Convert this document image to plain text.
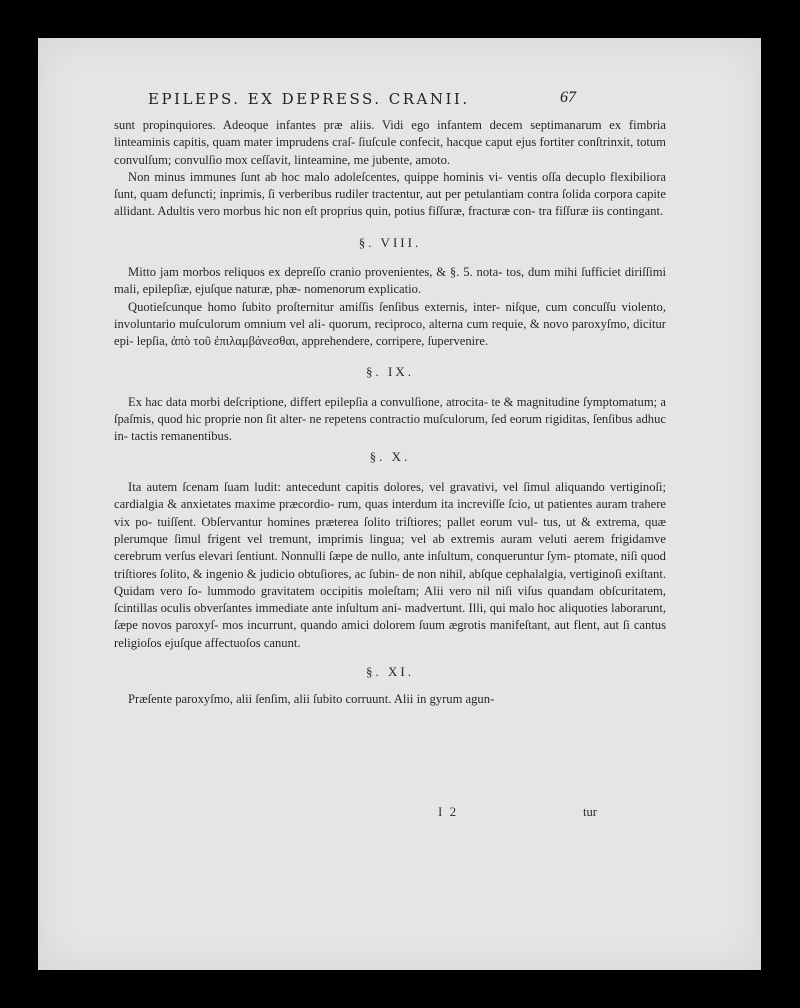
EPILEPS. EX DEPRESS. CRANII.	67

sunt propinquiores. Adeoque infantes præ aliis. Vidi ego infantem decem septimanarum ex fimbria linteaminis capitis, quam mater imprudens craſ- ſiuſcule confecit, hacque caput ejus fortiter conſtrinxit, totum convulſum; convulſio mox ceſſavit, linteamine, me jubente, amoto.

Non minus immunes ſunt ab hoc malo adoleſcentes, quippe hominis vi- ventis oſſa decuplo flexibiliora ſunt, quam defuncti; inprimis, ſi verberibus rudiler tractentur, aut per petulantiam contra ſolida corpora capite allidant. Adultis vero morbus hic non eſt proprius quin, potius fiſſuræ, fracturæ con- tra fiſſuræ iis contingant.

§. VIII.

Mitto jam morbos reliquos ex depreſſo cranio provenientes, & §. 5. nota- tos, dum mihi ſufficiet diriſſimi mali, epilepſiæ, ejuſque naturæ, phæ- nomenorum explicatio.

Quotieſcunque homo ſubito proſternitur amiſſis ſenſibus externis, inter- niſque, cum concuſſu violento, involuntario muſculorum omnium vel ali- quorum, reciproco, alterna cum requie, & novo paroxyſmo, dicitur epi- lepſia, ἀπὸ τοῦ ἐπιλαμβάνεσθαι, apprehendere, corripere, ſupervenire.

§. IX.

Ex hac data morbi deſcriptione, differt epilepſia a convulſione, atrocita- te & magnitudine ſymptomatum; a ſpaſmis, quod hic proprie non ſit alter- ne repetens contractio muſculorum, ſed eorum rigiditas, ſenſibus adhuc in- tactis remanentibus.

§. X.

Ita autem ſcenam ſuam ludit: antecedunt capitis dolores, vel gravativi, vel ſimul aliquando vertiginoſi; cardialgia & anxietates maxime præcordio- rum, quas interdum ita increviſſe ſcio, ut patientes auram trahere vix po- tuiſſent. Obſervantur homines præterea ſolito triſtiores; pallet eorum vul- tus, ut & extrema, quæ plerumque ſimul frigent vel tremunt, imprimis lingua; vel ab extremis auram veluti aerem frigidamve cerebrum verſus elevari ſentiunt. Nonnulli ſæpe de nullo, ante inſultum, conqueruntur ſym- ptomate, niſi quod triſtiores ſolito, & ingenio & judicio obtuſiores, ac ſubin- de non nihil, abſque cephalalgia, vertiginoſi exiſtant. Quidam vero ſo- lummodo gravitatem occipitis moleſtam; Alii vero nil niſi viſus quandam obſcuritatem, ſcintillas oculis obverſantes immediate ante inſultum ani- madvertunt. Illi, qui malo hoc aliquoties laborarunt, ſæpe novos paroxyſ- mos incurrunt, quando amici dolorem ſuum ægrotis manifeſtant, aut flent, aut ſi cantus religioſos ejuſque affectuoſos canunt.

§. XI.

Præſente paroxyſmo, alii ſenſim, alii ſubito corruunt. Alii in gyrum agun-

I 2	tur
